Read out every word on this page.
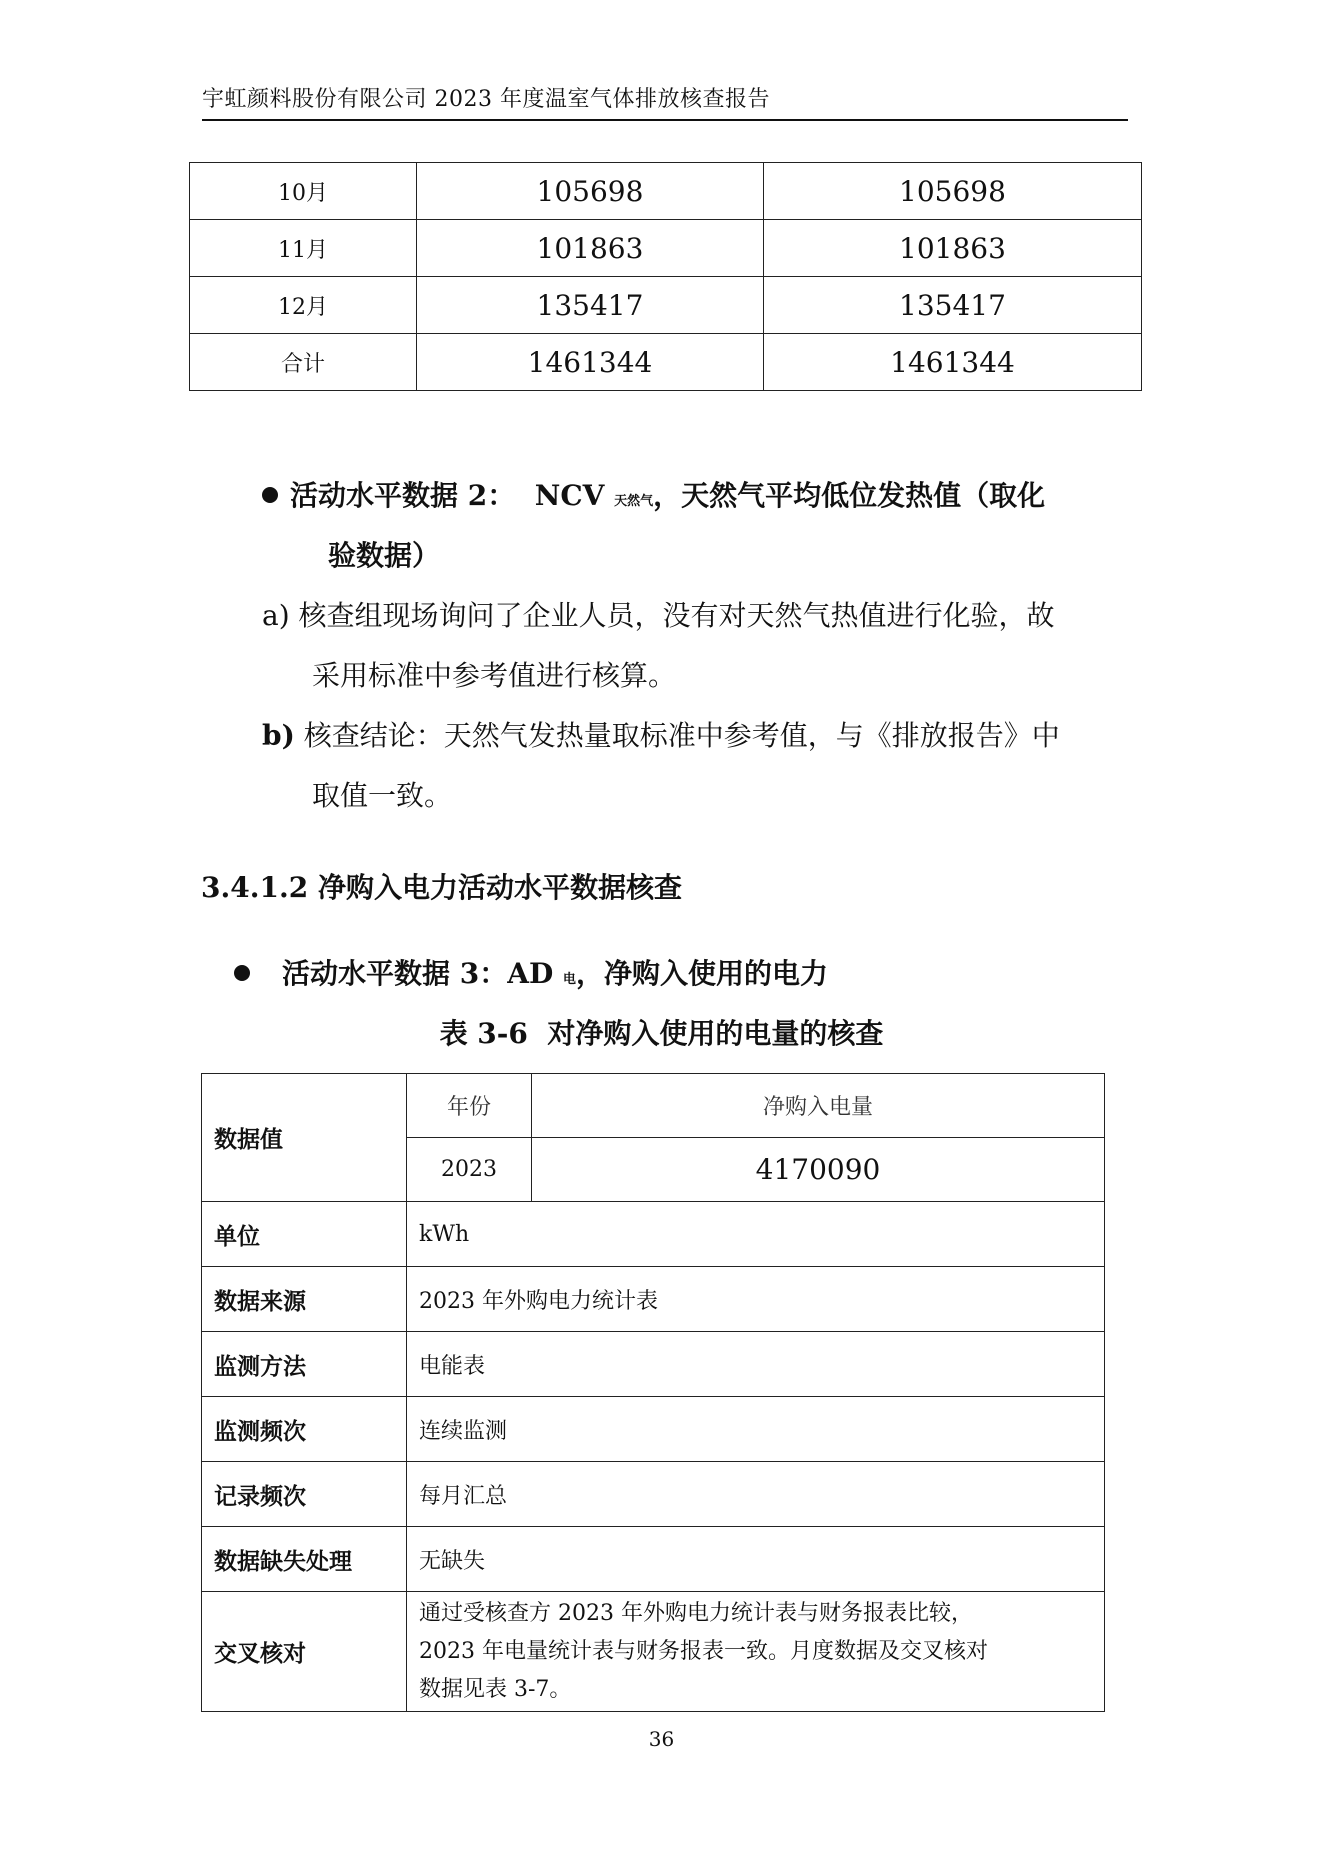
宇虹颜料股份有限公司 2023 年度温室气体排放核查报告
10月	105698	105698
11月	101863	101863
12月	135417	135417
合计	1461344	1461344
活动水平数据 2： NCV 天然气，天然气平均低位发热值（取化
验数据）
a) 核查组现场询问了企业人员，没有对天然气热值进行化验，故
采用标准中参考值进行核算。
b) 核查结论：天然气发热量取标准中参考值，与《排放报告》中
取值一致。
3.4.1.2 净购入电力活动水平数据核查
活动水平数据 3：AD 电，净购入使用的电力
表 3-6 对净购入使用的电量的核查
数据值	年份	净购入电量
	2023	4170090
单位	kWh	
数据来源	2023 年外购电力统计表	
监测方法	电能表	
监测频次	连续监测	
记录频次	每月汇总	
数据缺失处理	无缺失	
交叉核对	通过受核查方 2023 年外购电力统计表与财务报表比较，
2023 年电量统计表与财务报表一致。月度数据及交叉核对
数据见表 3-7。	
36
